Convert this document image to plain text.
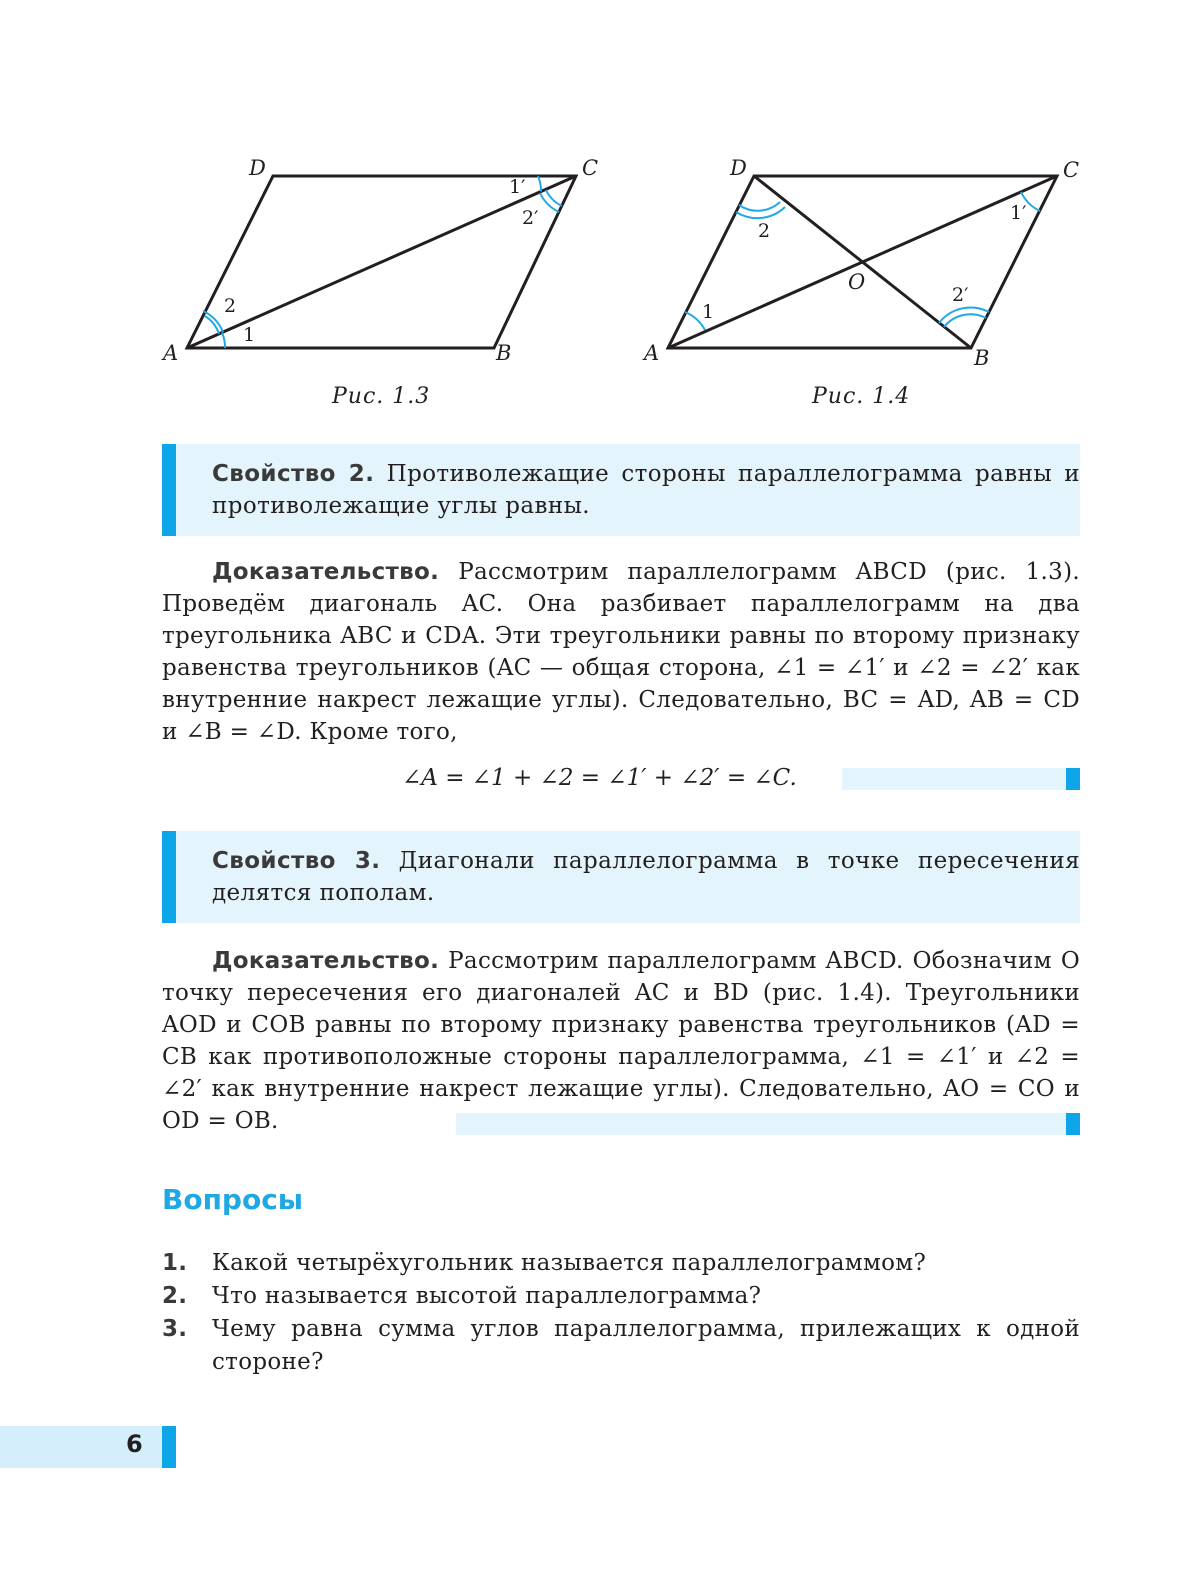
A	B
C
D
1
2
1′
2′
Рис. 1.3
A	B
C
D
O
1
2
1′
2′
Рис. 1.4
Свойство 2. Противолежащие стороны параллелограмма равны и противолежащие углы равны.
Доказательство. Рассмотрим параллелограмм ABCD (рис. 1.3). Проведём диагональ AC. Она разбивает параллелограмм на два треугольника ABC и CDA. Эти треугольники равны по второму признаку равенства треугольников (AC — общая сторона, ∠1 = ∠1′ и ∠2 = ∠2′ как внутренние накрест лежащие углы). Следовательно, BC = AD, AB = CD и ∠B = ∠D. Кроме того,
∠A = ∠1 + ∠2 = ∠1′ + ∠2′ = ∠C.
Свойство 3. Диагонали параллелограмма в точке пересечения делятся пополам.
Доказательство. Рассмотрим параллелограмм ABCD. Обозначим O точку пересечения его диагоналей AC и BD (рис. 1.4). Треугольники AOD и COB равны по второму признаку равенства треугольников (AD = CB как противоположные стороны параллелограмма, ∠1 = ∠1′ и ∠2 = ∠2′ как внутренние накрест лежащие углы). Следовательно, AO = CO и OD = OB.
Вопросы
1. Какой четырёхугольник называется параллелограммом?
2. Что называется высотой параллелограмма?
3. Чему равна сумма углов параллелограмма, прилежащих к одной стороне?
6
